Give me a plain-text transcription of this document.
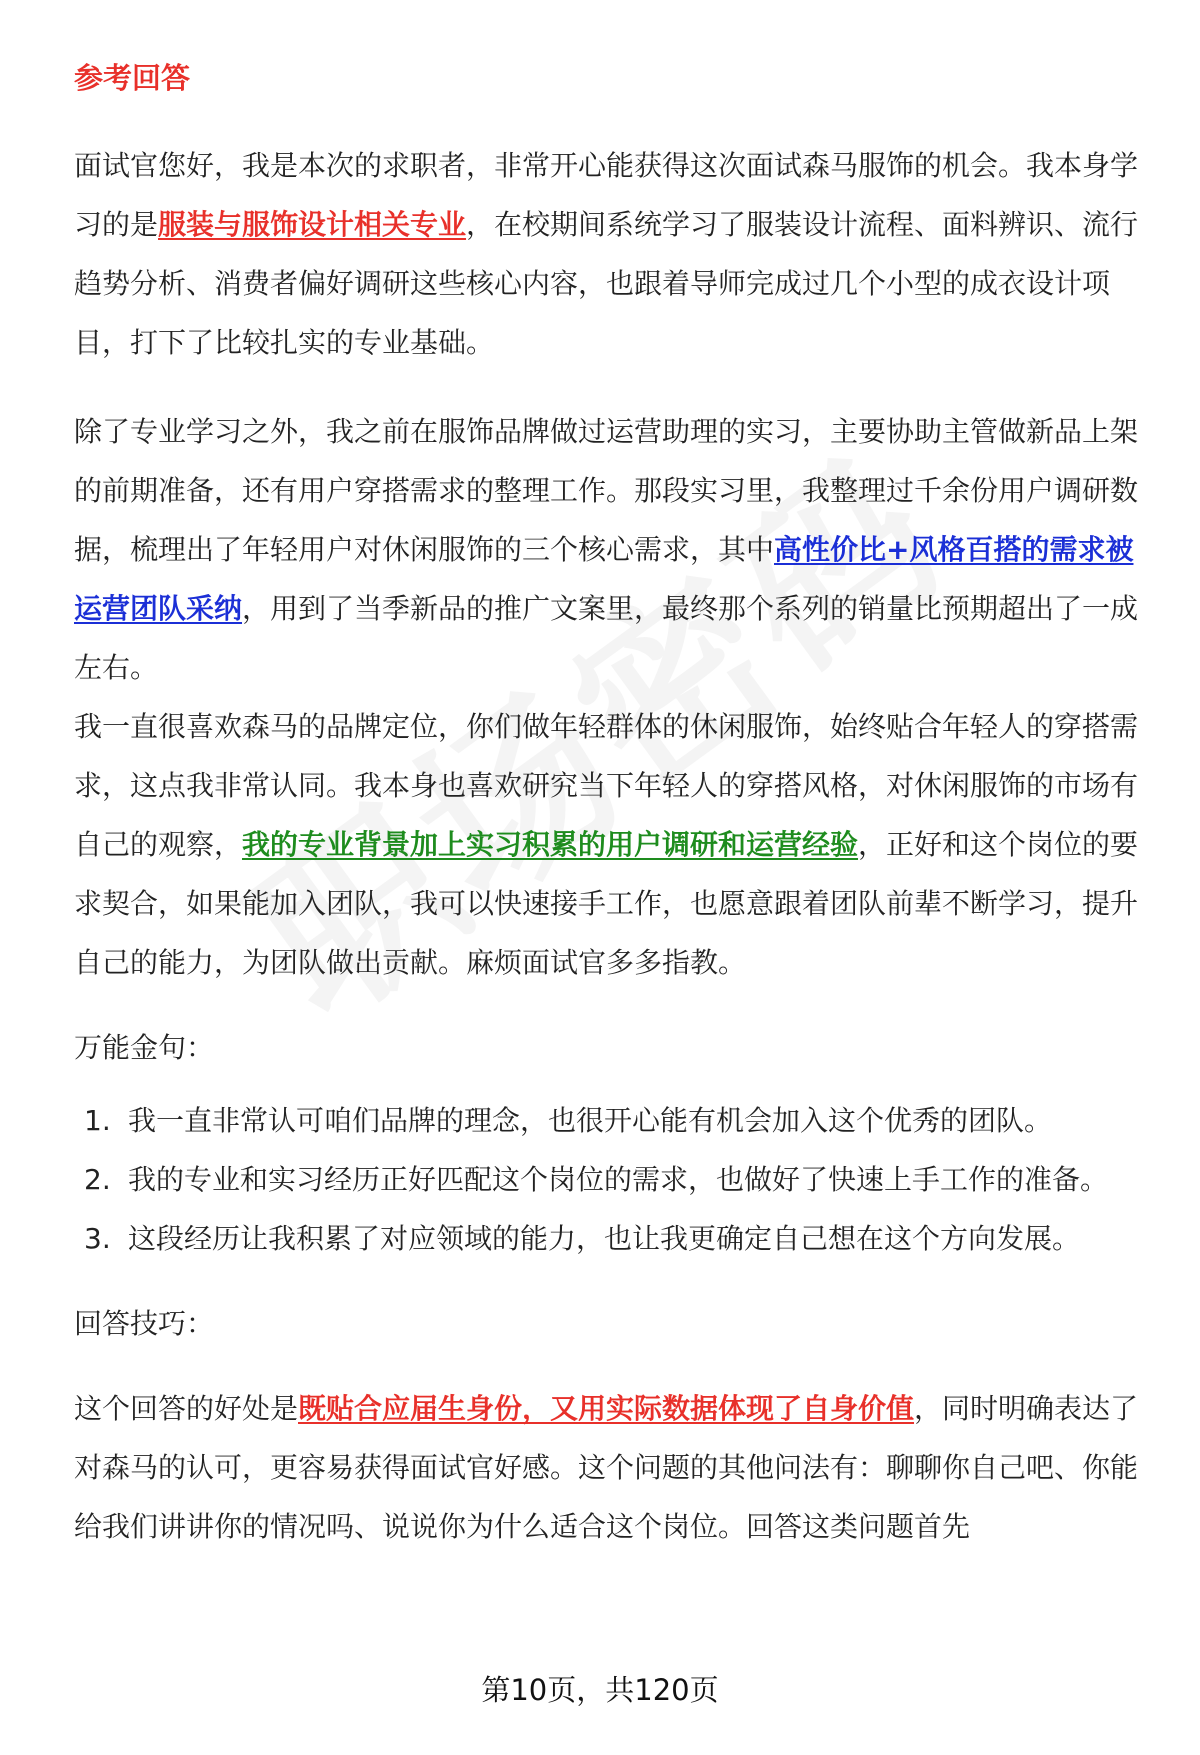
参考回答

面试官您好，我是本次的求职者，非常开心能获得这次面试森马服饰的机会。我本身学习的是服装与服饰设计相关专业，在校期间系统学习了服装设计流程、面料辨识、流行趋势分析、消费者偏好调研这些核心内容，也跟着导师完成过几个小型的成衣设计项目，打下了比较扎实的专业基础。

除了专业学习之外，我之前在服饰品牌做过运营助理的实习，主要协助主管做新品上架的前期准备，还有用户穿搭需求的整理工作。那段实习里，我整理过千余份用户调研数据，梳理出了年轻用户对休闲服饰的三个核心需求，其中高性价比+风格百搭的需求被运营团队采纳，用到了当季新品的推广文案里，最终那个系列的销量比预期超出了一成左右。

我一直很喜欢森马的品牌定位，你们做年轻群体的休闲服饰，始终贴合年轻人的穿搭需求，这点我非常认同。我本身也喜欢研究当下年轻人的穿搭风格，对休闲服饰的市场有自己的观察，我的专业背景加上实习积累的用户调研和运营经验，正好和这个岗位的要求契合，如果能加入团队，我可以快速接手工作，也愿意跟着团队前辈不断学习，提升自己的能力，为团队做出贡献。麻烦面试官多多指教。

万能金句：

1. 我一直非常认可咱们品牌的理念，也很开心能有机会加入这个优秀的团队。
2. 我的专业和实习经历正好匹配这个岗位的需求，也做好了快速上手工作的准备。
3. 这段经历让我积累了对应领域的能力，也让我更确定自己想在这个方向发展。

回答技巧：

这个回答的好处是既贴合应届生身份，又用实际数据体现了自身价值，同时明确表达了对森马的认可，更容易获得面试官好感。这个问题的其他问法有：聊聊你自己吧、你能给我们讲讲你的情况吗、说说你为什么适合这个岗位。回答这类问题首先

第10页，共120页
